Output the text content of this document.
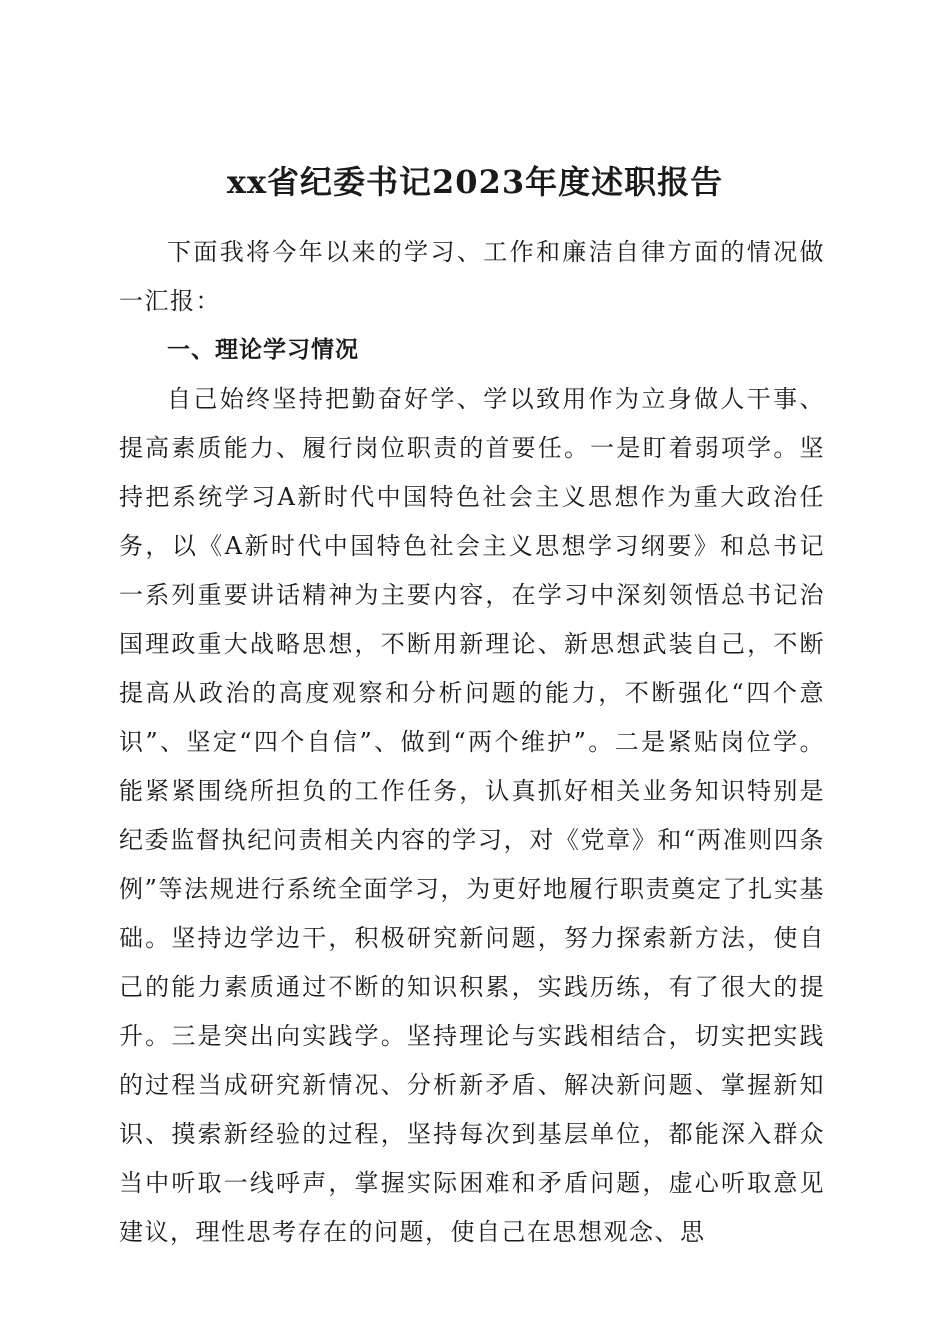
xx省纪委书记2023年度述职报告

下面我将今年以来的学习、工作和廉洁自律方面的情况做一汇报：

一、理论学习情况

自己始终坚持把勤奋好学、学以致用作为立身做人干事、提高素质能力、履行岗位职责的首要任。一是盯着弱项学。坚持把系统学习A新时代中国特色社会主义思想作为重大政治任务，以《A新时代中国特色社会主义思想学习纲要》和总书记一系列重要讲话精神为主要内容，在学习中深刻领悟总书记治国理政重大战略思想，不断用新理论、新思想武装自己，不断提高从政治的高度观察和分析问题的能力，不断强化“四个意识”、坚定“四个自信”、做到“两个维护”。二是紧贴岗位学。能紧紧围绕所担负的工作任务，认真抓好相关业务知识特别是纪委监督执纪问责相关内容的学习，对《党章》和“两准则四条例”等法规进行系统全面学习，为更好地履行职责奠定了扎实基础。坚持边学边干，积极研究新问题，努力探索新方法，使自己的能力素质通过不断的知识积累，实践历练，有了很大的提升。三是突出向实践学。坚持理论与实践相结合，切实把实践的过程当成研究新情况、分析新矛盾、解决新问题、掌握新知识、摸索新经验的过程，坚持每次到基层单位，都能深入群众当中听取一线呼声，掌握实际困难和矛盾问题，虚心听取意见建议，理性思考存在的问题，使自己在思想观念、思
